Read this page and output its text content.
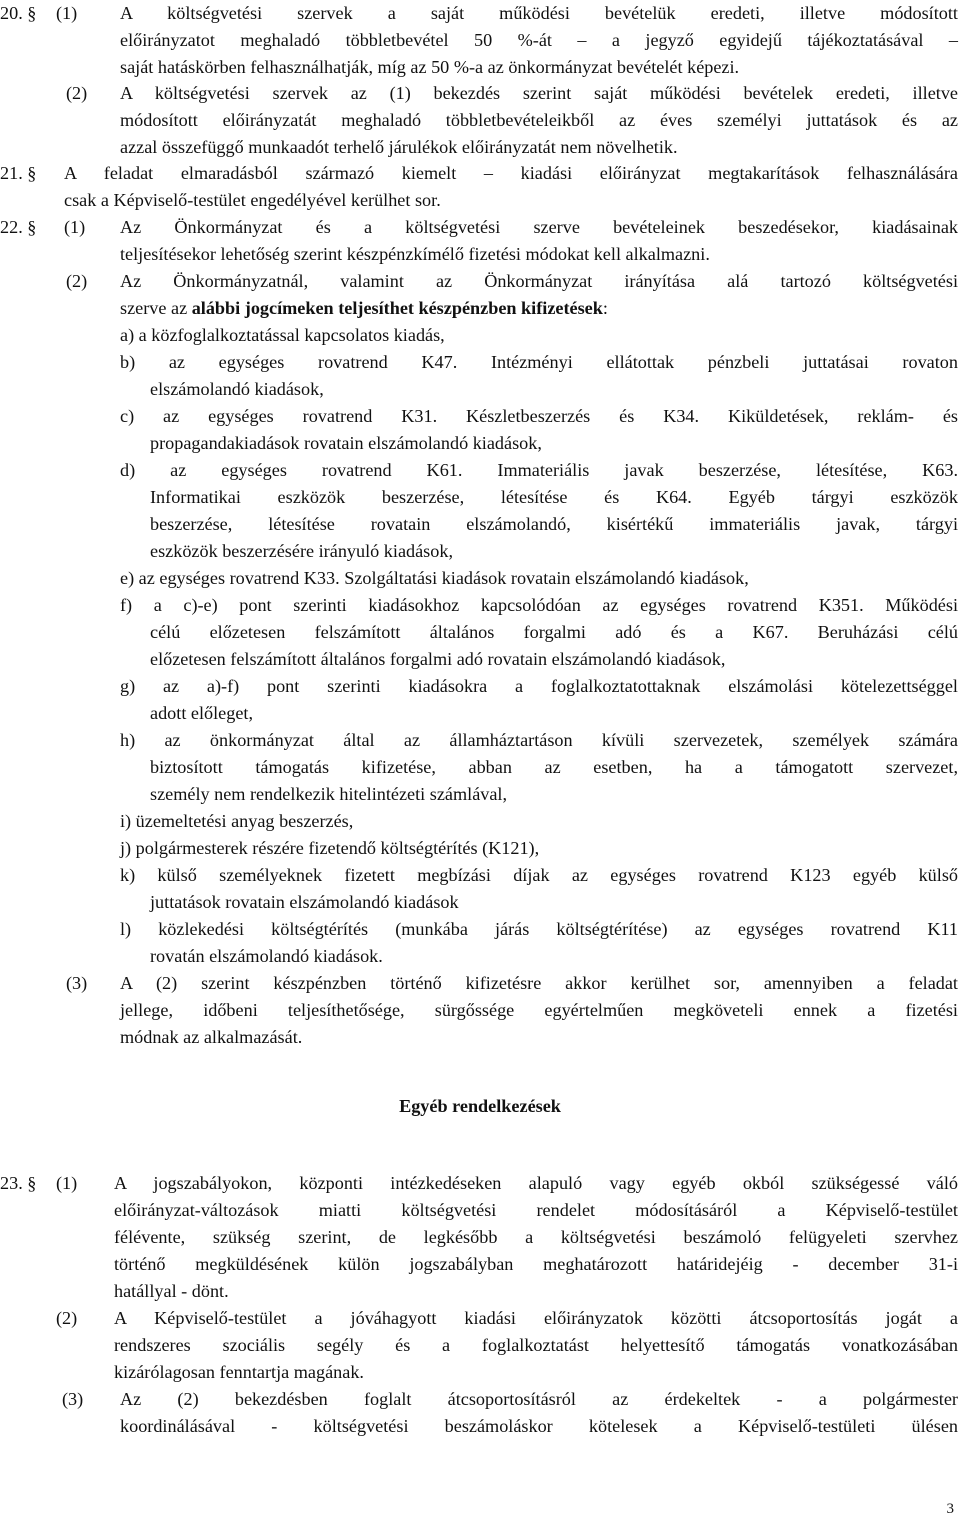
20. § (1) A költségvetési szervek a saját működési bevételük eredeti, illetve módosított
előirányzatot meghaladó többletbevétel 50 %-át – a jegyző egyidejű tájékoztatásával –
saját hatáskörben felhasználhatják, míg az 50 %-a az önkormányzat bevételét képezi.
(2) A költségvetési szervek az (1) bekezdés szerint saját működési bevételek eredeti, illetve
módosított előirányzatát meghaladó többletbevételeikből az éves személyi juttatások és az
azzal összefüggő munkaadót terhelő járulékok előirányzatát nem növelhetik.
21. § A feladat elmaradásból származó kiemelt – kiadási előirányzat megtakarítások felhasználására
csak a Képviselő-testület engedélyével kerülhet sor.
22. § (1) Az Önkormányzat és a költségvetési szerve bevételeinek beszedésekor, kiadásainak
teljesítésekor lehetőség szerint készpénzkímélő fizetési módokat kell alkalmazni.
(2) Az Önkormányzatnál, valamint az Önkormányzat irányítása alá tartozó költségvetési
szerve az alábbi jogcímeken teljesíthet készpénzben kifizetések:
a) a közfoglalkoztatással kapcsolatos kiadás,
b) az egységes rovatrend K47. Intézményi ellátottak pénzbeli juttatásai rovaton
elszámolandó kiadások,
c) az egységes rovatrend K31. Készletbeszerzés és K34. Kiküldetések, reklám- és
propagandakiadások rovatain elszámolandó kiadások,
d) az egységes rovatrend K61. Immateriális javak beszerzése, létesítése, K63.
Informatikai eszközök beszerzése, létesítése és K64. Egyéb tárgyi eszközök
beszerzése, létesítése rovatain elszámolandó, kisértékű immateriális javak, tárgyi
eszközök beszerzésére irányuló kiadások,
e) az egységes rovatrend K33. Szolgáltatási kiadások rovatain elszámolandó kiadások,
f) a c)-e) pont szerinti kiadásokhoz kapcsolódóan az egységes rovatrend K351. Működési
célú előzetesen felszámított általános forgalmi adó és a K67. Beruházási célú
előzetesen felszámított általános forgalmi adó rovatain elszámolandó kiadások,
g) az a)-f) pont szerinti kiadásokra a foglalkoztatottaknak elszámolási kötelezettséggel
adott előleget,
h) az önkormányzat által az államháztartáson kívüli szervezetek, személyek számára
biztosított támogatás kifizetése, abban az esetben, ha a támogatott szervezet,
személy nem rendelkezik hitelintézeti számlával,
i) üzemeltetési anyag beszerzés,
j) polgármesterek részére fizetendő költségtérítés (K121),
k) külső személyeknek fizetett megbízási díjak az egységes rovatrend K123 egyéb külső
juttatások rovatain elszámolandó kiadások
l) közlekedési költségtérítés (munkába járás költségtérítése) az egységes rovatrend K11
rovatán elszámolandó kiadások.
(3) A (2) szerint készpénzben történő kifizetésre akkor kerülhet sor, amennyiben a feladat
jellege, időbeni teljesíthetősége, sürgőssége egyértelműen megköveteli ennek a fizetési
módnak az alkalmazását.
Egyéb rendelkezések
23. § (1) A jogszabályokon, központi intézkedéseken alapuló vagy egyéb okból szükségessé váló
előirányzat-változások miatti költségvetési rendelet módosításáról a Képviselő-testület
félévente, szükség szerint, de legkésőbb a költségvetési beszámoló felügyeleti szervhez
történő megküldésének külön jogszabályban meghatározott határidejéig - december 31-i
hatállyal - dönt.
(2) A Képviselő-testület a jóváhagyott kiadási előirányzatok közötti átcsoportosítás jogát a
rendszeres szociális segély és a foglalkoztatást helyettesítő támogatás vonatkozásában
kizárólagosan fenntartja magának.
(3) Az (2) bekezdésben foglalt átcsoportosításról az érdekeltek - a polgármester
koordinálásával - költségvetési beszámoláskor kötelesek a Képviselő-testületi ülésen
3
